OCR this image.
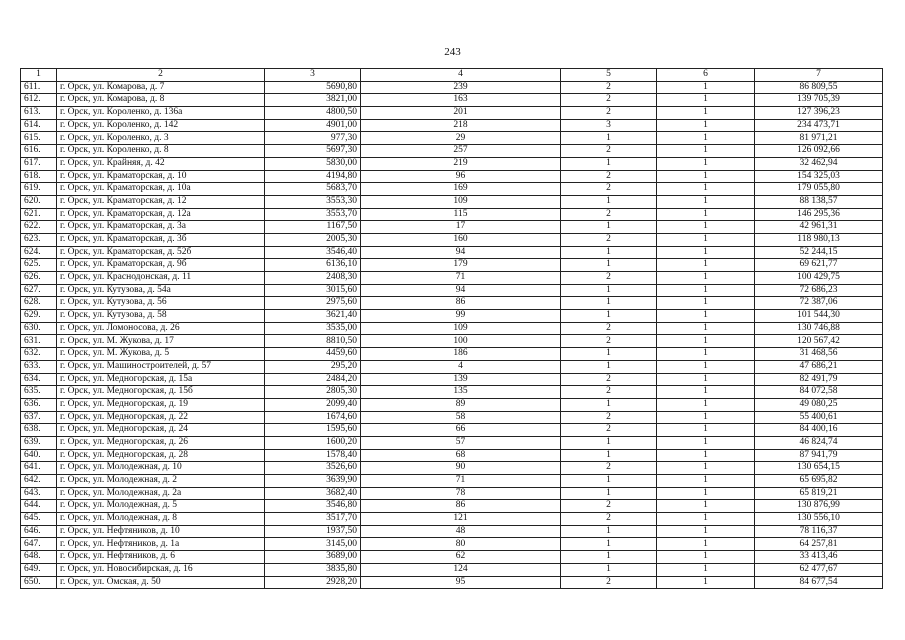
243
1	2	3	4	5	6	7
611.	г. Орск, ул. Комарова, д. 7	5690,80	239	2	1	86 809,55
612.	г. Орск, ул. Комарова, д. 8	3821,00	163	2	1	139 705,39
613.	г. Орск, ул. Короленко, д. 136а	4800,50	201	2	1	127 396,23
614.	г. Орск, ул. Короленко, д. 142	4901,00	218	3	1	234 473,71
615.	г. Орск, ул. Короленко, д. 3	977,30	29	1	1	81 971,21
616.	г. Орск, ул. Короленко, д. 8	5697,30	257	2	1	126 092,66
617.	г. Орск, ул. Крайняя, д. 42	5830,00	219	1	1	32 462,94
618.	г. Орск, ул. Краматорская, д. 10	4194,80	96	2	1	154 325,03
619.	г. Орск, ул. Краматорская, д. 10а	5683,70	169	2	1	179 055,80
620.	г. Орск, ул. Краматорская, д. 12	3553,30	109	1	1	88 138,57
621.	г. Орск, ул. Краматорская, д. 12а	3553,70	115	2	1	146 295,36
622.	г. Орск, ул. Краматорская, д. 3а	1167,50	17	1	1	42 961,31
623.	г. Орск, ул. Краматорская, д. 3б	2005,30	160	2	1	118 980,13
624.	г. Орск, ул. Краматорская, д. 52б	3546,40	94	1	1	52 244,15
625.	г. Орск, ул. Краматорская, д. 9б	6136,10	179	1	1	69 621,77
626.	г. Орск, ул. Краснодонская, д. 11	2408,30	71	2	1	100 429,75
627.	г. Орск, ул. Кутузова, д. 54а	3015,60	94	1	1	72 686,23
628.	г. Орск, ул. Кутузова, д. 56	2975,60	86	1	1	72 387,06
629.	г. Орск, ул. Кутузова, д. 58	3621,40	99	1	1	101 544,30
630.	г. Орск, ул. Ломоносова, д. 26	3535,00	109	2	1	130 746,88
631.	г. Орск, ул. М. Жукова, д. 17	8810,50	100	2	1	120 567,42
632.	г. Орск, ул. М. Жукова, д. 5	4459,60	186	1	1	31 468,56
633.	г. Орск, ул. Машиностроителей, д. 57	295,20	4	1	1	47 686,21
634.	г. Орск, ул. Медногорская, д. 15а	2484,20	139	2	1	82 491,79
635.	г. Орск, ул. Медногорская, д. 15б	2805,30	135	2	1	84 072,58
636.	г. Орск, ул. Медногорская, д. 19	2099,40	89	1	1	49 080,25
637.	г. Орск, ул. Медногорская, д. 22	1674,60	58	2	1	55 400,61
638.	г. Орск, ул. Медногорская, д. 24	1595,60	66	2	1	84 400,16
639.	г. Орск, ул. Медногорская, д. 26	1600,20	57	1	1	46 824,74
640.	г. Орск, ул. Медногорская, д. 28	1578,40	68	1	1	87 941,79
641.	г. Орск, ул. Молодежная, д. 10	3526,60	90	2	1	130 654,15
642.	г. Орск, ул. Молодежная, д. 2	3639,90	71	1	1	65 695,82
643.	г. Орск, ул. Молодежная, д. 2а	3682,40	78	1	1	65 819,21
644.	г. Орск, ул. Молодежная, д. 5	3546,80	86	2	1	130 876,99
645.	г. Орск, ул. Молодежная, д. 8	3517,70	121	2	1	130 556,10
646.	г. Орск, ул. Нефтяников, д. 10	1937,50	48	1	1	78 116,37
647.	г. Орск, ул. Нефтяников, д. 1а	3145,00	80	1	1	64 257,81
648.	г. Орск, ул. Нефтяников, д. 6	3689,00	62	1	1	33 413,46
649.	г. Орск, ул. Новосибирская, д. 16	3835,80	124	1	1	62 477,67
650.	г. Орск, ул. Омская, д. 50	2928,20	95	2	1	84 677,54
